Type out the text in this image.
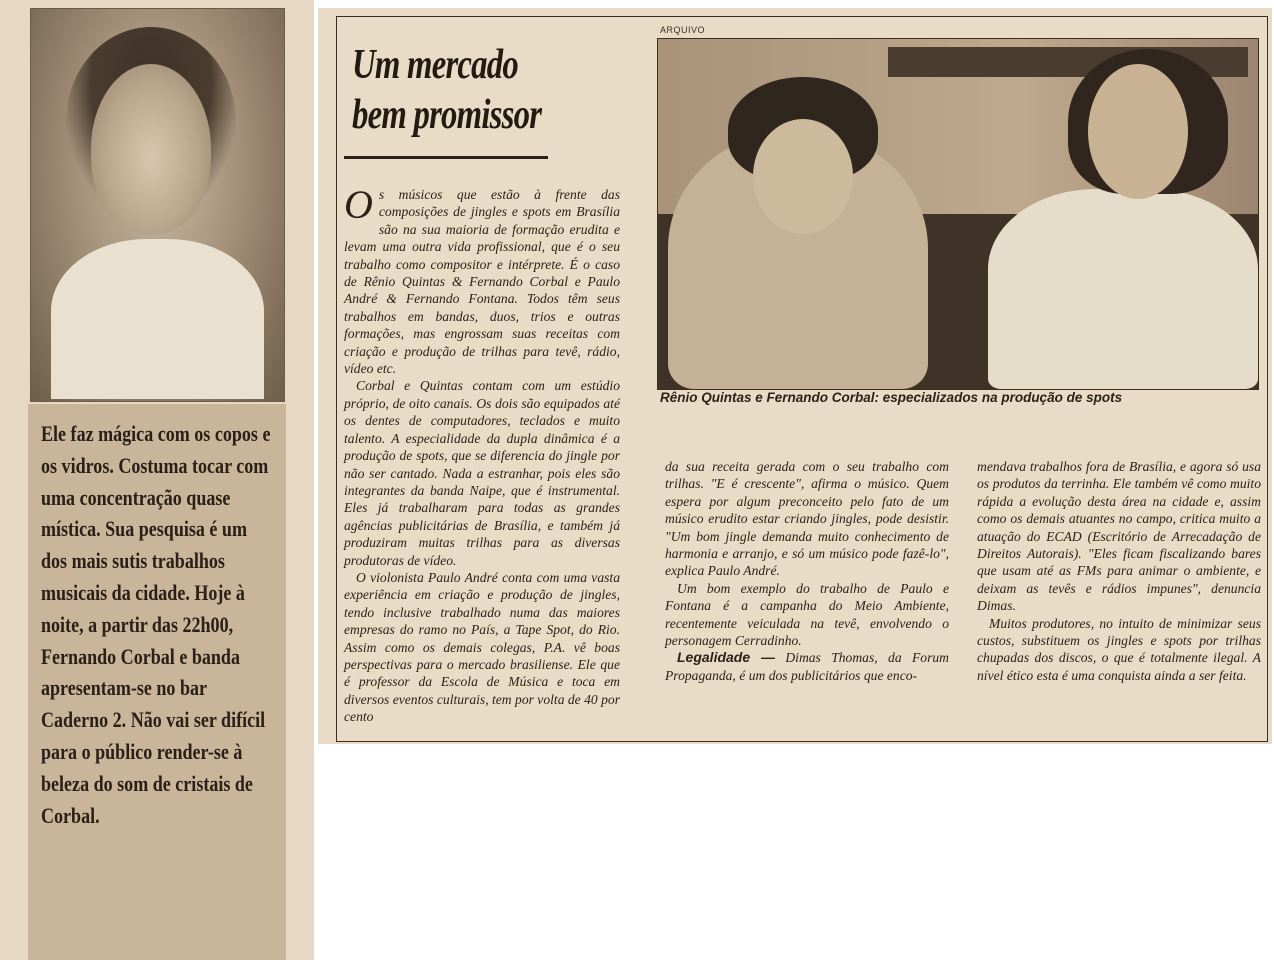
Ele faz mágica com os copos e os vidros. Costuma tocar com uma concentração quase mística. Sua pesquisa é um dos mais sutis trabalhos musicais da cidade. Hoje à noite, a partir das 22h00, Fernando Corbal e banda apresentam-se no bar Caderno 2. Não vai ser difícil para o público render-se à beleza do som de cristais de Corbal.

Um mercado
bem promissor
ARQUIVO

Rênio Quintas e Fernando Corbal: especializados na produção de spots

Os músicos que estão à frente das composições de jingles e spots em Brasília são na sua maioria de formação erudita e levam uma outra vida profissional, que é o seu trabalho como compositor e intérprete. É o caso de Rênio Quintas & Fernando Corbal e Paulo André & Fernando Fontana. Todos têm seus trabalhos em bandas, duos, trios e outras formações, mas engrossam suas receitas com criação e produção de trilhas para tevê, rádio, vídeo etc.

Corbal e Quintas contam com um estúdio próprio, de oito canais. Os dois são equipados até os dentes de computadores, teclados e muito talento. A especialidade da dupla dinâmica é a produção de spots, que se diferencia do jingle por não ser cantado. Nada a estranhar, pois eles são integrantes da banda Naipe, que é instrumental. Eles já trabalharam para todas as grandes agências publicitárias de Brasília, e também já produziram muitas trilhas para as diversas produtoras de vídeo.

O violonista Paulo André conta com uma vasta experiência em criação e produção de jingles, tendo inclusive trabalhado numa das maiores empresas do ramo no País, a Tape Spot, do Rio. Assim como os demais colegas, P.A. vê boas perspectivas para o mercado brasiliense. Ele que é professor da Escola de Música e toca em diversos eventos culturais, tem por volta de 40 por cento

da sua receita gerada com o seu trabalho com trilhas. "E é crescente", afirma o músico. Quem espera por algum preconceito pelo fato de um músico erudito estar criando jingles, pode desistir. "Um bom jingle demanda muito conhecimento de harmonia e arranjo, e só um músico pode fazê-lo", explica Paulo André.

Um bom exemplo do trabalho de Paulo e Fontana é a campanha do Meio Ambiente, recentemente veiculada na tevê, envolvendo o personagem Cerradinho.

Legalidade — Dimas Thomas, da Forum Propaganda, é um dos publicitários que enco-

mendava trabalhos fora de Brasília, e agora só usa os produtos da terrinha. Ele também vê como muito rápida a evolução desta área na cidade e, assim como os demais atuantes no campo, critica muito a atuação do ECAD (Escritório de Arrecadação de Direitos Autorais). "Eles ficam fiscalizando bares que usam até as FMs para animar o ambiente, e deixam as tevês e rádios impunes", denuncia Dimas.

Muitos produtores, no intuito de minimizar seus custos, substituem os jingles e spots por trilhas chupadas dos discos, o que é totalmente ilegal. A nível ético esta é uma conquista ainda a ser feita.
